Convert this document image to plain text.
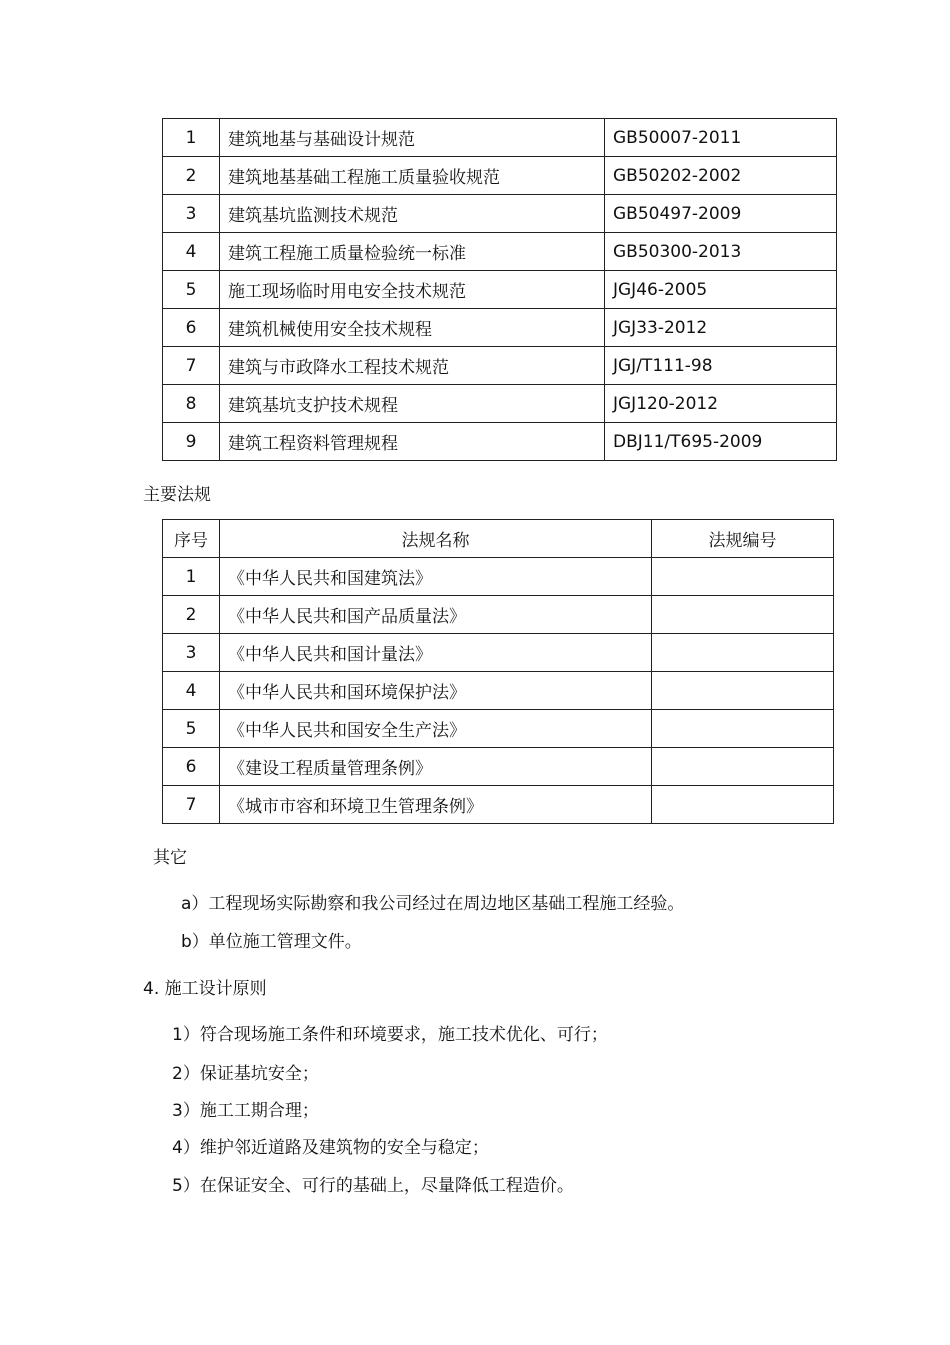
1	建筑地基与基础设计规范	GB50007-2011
2	建筑地基基础工程施工质量验收规范	GB50202-2002
3	建筑基坑监测技术规范	GB50497-2009
4	建筑工程施工质量检验统一标准	GB50300-2013
5	施工现场临时用电安全技术规范	JGJ46-2005
6	建筑机械使用安全技术规程	JGJ33-2012
7	建筑与市政降水工程技术规范	JGJ/T111-98
8	建筑基坑支护技术规程	JGJ120-2012
9	建筑工程资料管理规程	DBJ11/T695-2009
主要法规
序号	法规名称	法规编号
1	《中华人民共和国建筑法》	
2	《中华人民共和国产品质量法》	
3	《中华人民共和国计量法》	
4	《中华人民共和国环境保护法》	
5	《中华人民共和国安全生产法》	
6	《建设工程质量管理条例》	
7	《城市市容和环境卫生管理条例》	
其它
a）工程现场实际勘察和我公司经过在周边地区基础工程施工经验。
b）单位施工管理文件。
4. 施工设计原则
1）符合现场施工条件和环境要求，施工技术优化、可行；
2）保证基坑安全；
3）施工工期合理；
4）维护邻近道路及建筑物的安全与稳定；
5）在保证安全、可行的基础上，尽量降低工程造价。
